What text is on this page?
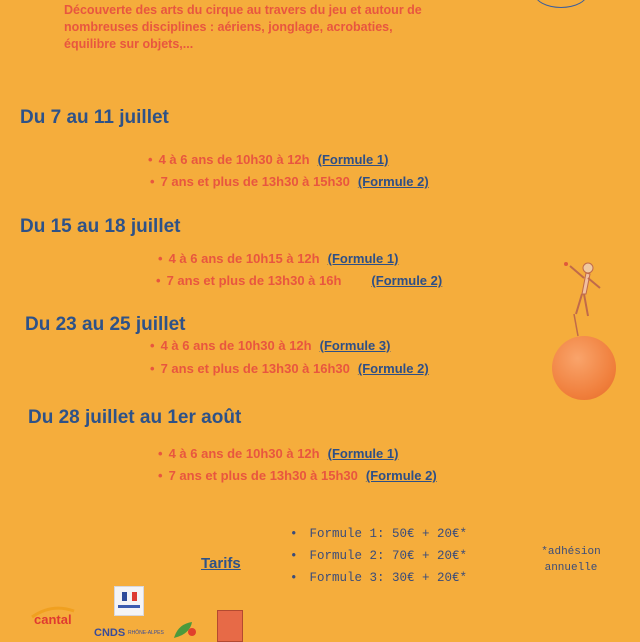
Découverte des arts du cirque au travers du jeu et autour de

nombreuses disciplines : aériens, jonglage, acrobaties,

équilibre sur objets,...

Du 7 au 11 juillet
• 4 à 6 ans de 10h30 à 12h (Formule 1)
• 7 ans et plus de 13h30 à 15h30 (Formule 2)
Du 15 au 18 juillet
• 4 à 6 ans de 10h15 à 12h (Formule 1)
• 7 ans et plus de 13h30 à 16h (Formule 2)
Du 23 au 25 juillet
• 4 à 6 ans de 10h30 à 12h (Formule 3)
• 7 ans et plus de 13h30 à 16h30 (Formule 2)
Du 28 juillet au 1er août
• 4 à 6 ans de 10h30 à 12h (Formule 1)
• 7 ans et plus de 13h30 à 15h30 (Formule 2)
Tarifs
• Formule 1: 50€ + 20€*
• Formule 2: 70€ + 20€*
• Formule 3: 30€ + 20€*
*adhésion
annuelle
cantal
CNDS RHÔNE-ALPES
